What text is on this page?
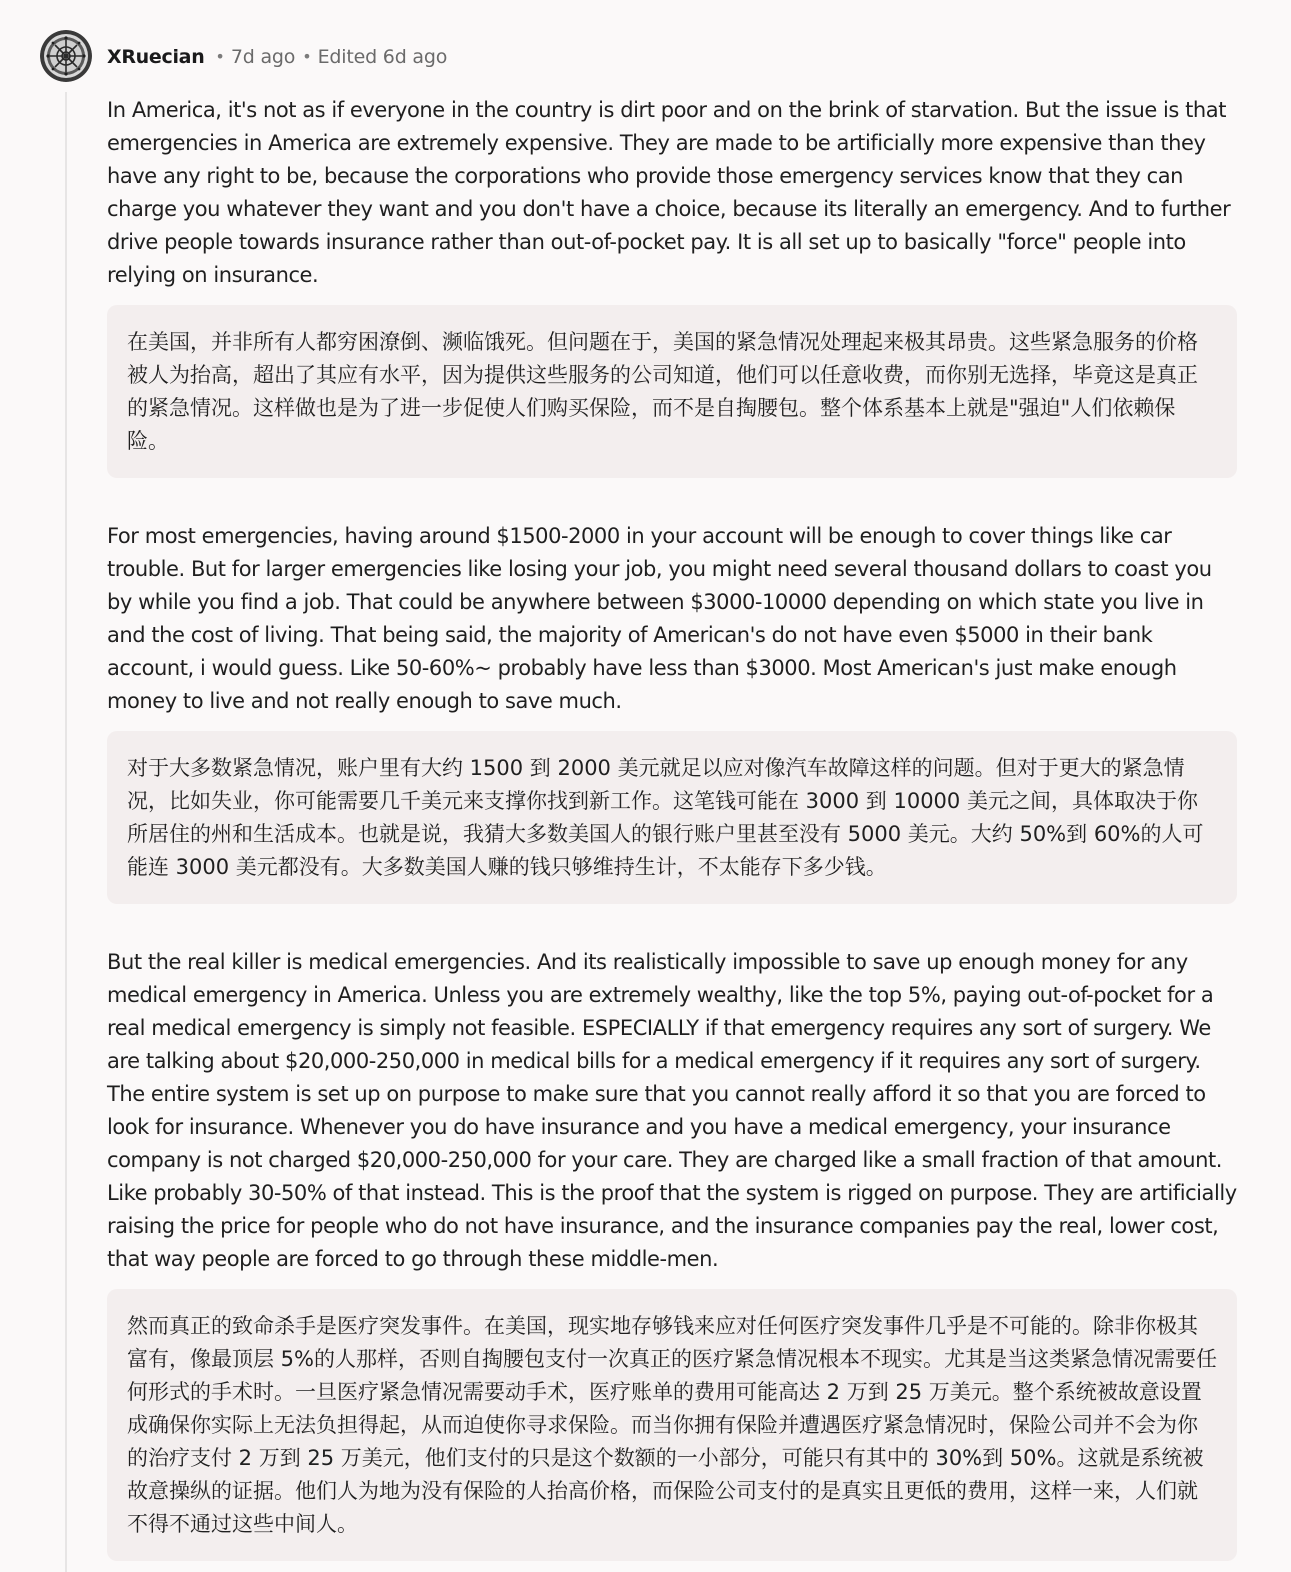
XRuecian • 7d ago • Edited 6d ago

In America, it's not as if everyone in the country is dirt poor and on the brink of starvation. But the issue is that emergencies in America are extremely expensive. They are made to be artificially more expensive than they have any right to be, because the corporations who provide those emergency services know that they can charge you whatever they want and you don't have a choice, because its literally an emergency. And to further drive people towards insurance rather than out-of-pocket pay. It is all set up to basically "force" people into relying on insurance.

在美国，并非所有人都穷困潦倒、濒临饿死。但问题在于，美国的紧急情况处理起来极其昂贵。这些紧急服务的价格被人为抬高，超出了其应有水平，因为提供这些服务的公司知道，他们可以任意收费，而你别无选择，毕竟这是真正的紧急情况。这样做也是为了进一步促使人们购买保险，而不是自掏腰包。整个体系基本上就是"强迫"人们依赖保险。

For most emergencies, having around $1500-2000 in your account will be enough to cover things like car trouble. But for larger emergencies like losing your job, you might need several thousand dollars to coast you by while you find a job. That could be anywhere between $3000-10000 depending on which state you live in and the cost of living. That being said, the majority of American's do not have even $5000 in their bank account, i would guess. Like 50-60%~ probably have less than $3000. Most American's just make enough money to live and not really enough to save much.

对于大多数紧急情况，账户里有大约 1500 到 2000 美元就足以应对像汽车故障这样的问题。但对于更大的紧急情况，比如失业，你可能需要几千美元来支撑你找到新工作。这笔钱可能在 3000 到 10000 美元之间，具体取决于你所居住的州和生活成本。也就是说，我猜大多数美国人的银行账户里甚至没有 5000 美元。大约 50%到 60%的人可能连 3000 美元都没有。大多数美国人赚的钱只够维持生计，不太能存下多少钱。

But the real killer is medical emergencies. And its realistically impossible to save up enough money for any medical emergency in America. Unless you are extremely wealthy, like the top 5%, paying out-of-pocket for a real medical emergency is simply not feasible. ESPECIALLY if that emergency requires any sort of surgery. We are talking about $20,000-250,000 in medical bills for a medical emergency if it requires any sort of surgery. The entire system is set up on purpose to make sure that you cannot really afford it so that you are forced to look for insurance. Whenever you do have insurance and you have a medical emergency, your insurance company is not charged $20,000-250,000 for your care. They are charged like a small fraction of that amount. Like probably 30-50% of that instead. This is the proof that the system is rigged on purpose. They are artificially raising the price for people who do not have insurance, and the insurance companies pay the real, lower cost, that way people are forced to go through these middle-men.

然而真正的致命杀手是医疗突发事件。在美国，现实地存够钱来应对任何医疗突发事件几乎是不可能的。除非你极其富有，像最顶层 5%的人那样，否则自掏腰包支付一次真正的医疗紧急情况根本不现实。尤其是当这类紧急情况需要任何形式的手术时。一旦医疗紧急情况需要动手术，医疗账单的费用可能高达 2 万到 25 万美元。整个系统被故意设置成确保你实际上无法负担得起，从而迫使你寻求保险。而当你拥有保险并遭遇医疗紧急情况时，保险公司并不会为你的治疗支付 2 万到 25 万美元，他们支付的只是这个数额的一小部分，可能只有其中的 30%到 50%。这就是系统被故意操纵的证据。他们人为地为没有保险的人抬高价格，而保险公司支付的是真实且更低的费用，这样一来，人们就不得不通过这些中间人。
